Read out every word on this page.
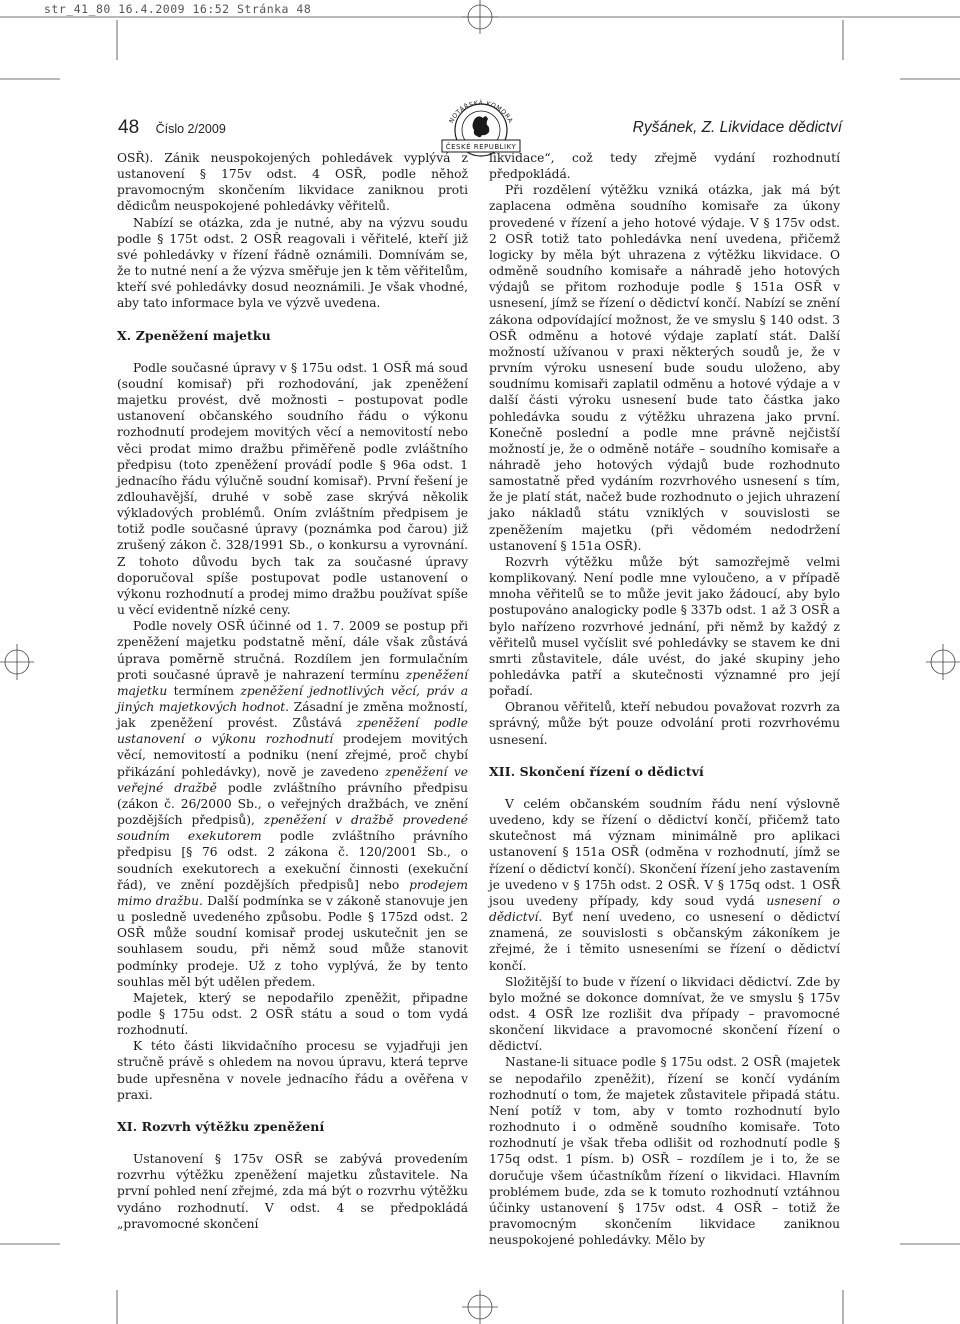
str_41_80 16.4.2009 16:52 Stránka 48
48 Číslo 2/2009
NOTÁŘSKÁ KOMORA
ČESKÉ REPUBLIKY
Ryšánek, Z. Likvidace dědictví

OSŘ). Zánik neuspokojených pohledávek vyplývá z ustanovení § 175v odst. 4 OSŘ, podle něhož pravomocným skončením likvidace zaniknou proti dědicům neuspokojené pohledávky věřitelů.

Nabízí se otázka, zda je nutné, aby na výzvu soudu podle § 175t odst. 2 OSŘ reagovali i věřitelé, kteří již své pohledávky v řízení řádně oznámili. Domnívám se, že to nutné není a že výzva směřuje jen k těm věřitelům, kteří své pohledávky dosud neoznámili. Je však vhodné, aby tato informace byla ve výzvě uvedena.

X. Zpeněžení majetku

Podle současné úpravy v § 175u odst. 1 OSŘ má soud (soudní komisař) při rozhodování, jak zpeněžení majetku provést, dvě možnosti – postupovat podle ustanovení občanského soudního řádu o výkonu rozhodnutí prodejem movitých věcí a nemovitostí nebo věci prodat mimo dražbu přiměřeně podle zvláštního předpisu (toto zpeněžení provádí podle § 96a odst. 1 jednacího řádu výlučně soudní komisař). První řešení je zdlouhavější, druhé v sobě zase skrývá několik výkladových problémů. Oním zvláštním předpisem je totiž podle současné úpravy (poznámka pod čarou) již zrušený zákon č. 328/1991 Sb., o konkursu a vyrovnání. Z tohoto důvodu bych tak za současné úpravy doporučoval spíše postupovat podle ustanovení o výkonu rozhodnutí a prodej mimo dražbu používat spíše u věcí evidentně nízké ceny.

Podle novely OSŘ účinné od 1. 7. 2009 se postup při zpeněžení majetku podstatně mění, dále však zůstává úprava poměrně stručná. Rozdílem jen formulačním proti současné úpravě je nahrazení termínu zpeněžení majetku termínem zpeněžení jednotlivých věcí, práv a jiných majetkových hodnot. Zásadní je změna možností, jak zpeněžení provést. Zůstává zpeněžení podle ustanovení o výkonu rozhodnutí prodejem movitých věcí, nemovitostí a podniku (není zřejmé, proč chybí přikázání pohledávky), nově je zavedeno zpeněžení ve veřejné dražbě podle zvláštního právního předpisu (zákon č. 26/2000 Sb., o veřejných dražbách, ve znění pozdějších předpisů), zpeněžení v dražbě provedené soudním exekutorem podle zvláštního právního předpisu [§ 76 odst. 2 zákona č. 120/2001 Sb., o soudních exekutorech a exekuční činnosti (exekuční řád), ve znění pozdějších předpisů] nebo prodejem mimo dražbu. Další podmínka se v zákoně stanovuje jen u posledně uvedeného způsobu. Podle § 175zd odst. 2 OSŘ může soudní komisař prodej uskutečnit jen se souhlasem soudu, při němž soud může stanovit podmínky prodeje. Už z toho vyplývá, že by tento souhlas měl být udělen předem.

Majetek, který se nepodařilo zpeněžit, připadne podle § 175u odst. 2 OSŘ státu a soud o tom vydá rozhodnutí.

K této části likvidačního procesu se vyjadřuji jen stručně právě s ohledem na novou úpravu, která teprve bude upřesněna v novele jednacího řádu a ověřena v praxi.

XI. Rozvrh výtěžku zpeněžení

Ustanovení § 175v OSŘ se zabývá provedením rozvrhu výtěžku zpeněžení majetku zůstavitele. Na první pohled není zřejmé, zda má být o rozvrhu výtěžku vydáno rozhodnutí. V odst. 4 se předpokládá „pravomocné skončení

likvidace“, což tedy zřejmě vydání rozhodnutí předpokládá.

Při rozdělení výtěžku vzniká otázka, jak má být zaplacena odměna soudního komisaře za úkony provedené v řízení a jeho hotové výdaje. V § 175v odst. 2 OSŘ totiž tato pohledávka není uvedena, přičemž logicky by měla být uhrazena z výtěžku likvidace. O odměně soudního komisaře a náhradě jeho hotových výdajů se přitom rozhoduje podle § 151a OSŘ v usnesení, jímž se řízení o dědictví končí. Nabízí se znění zákona odpovídající možnost, že ve smyslu § 140 odst. 3 OSŘ odměnu a hotové výdaje zaplatí stát. Další možností užívanou v praxi některých soudů je, že v prvním výroku usnesení bude soudu uloženo, aby soudnímu komisaři zaplatil odměnu a hotové výdaje a v další části výroku usnesení bude tato částka jako pohledávka soudu z výtěžku uhrazena jako první. Konečně poslední a podle mne právně nejčistší možností je, že o odměně notáře – soudního komisaře a náhradě jeho hotových výdajů bude rozhodnuto samostatně před vydáním rozvrhového usnesení s tím, že je platí stát, načež bude rozhodnuto o jejich uhrazení jako nákladů státu vzniklých v souvislosti se zpeněžením majetku (při vědomém nedodržení ustanovení § 151a OSŘ).

Rozvrh výtěžku může být samozřejmě velmi komplikovaný. Není podle mne vyloučeno, a v případě mnoha věřitelů se to může jevit jako žádoucí, aby bylo postupováno analogicky podle § 337b odst. 1 až 3 OSŘ a bylo nařízeno rozvrhové jednání, při němž by každý z věřitelů musel vyčíslit své pohledávky se stavem ke dni smrti zůstavitele, dále uvést, do jaké skupiny jeho pohledávka patří a skutečnosti významné pro její pořadí.

Obranou věřitelů, kteří nebudou považovat rozvrh za správný, může být pouze odvolání proti rozvrhovému usnesení.

XII. Skončení řízení o dědictví

V celém občanském soudním řádu není výslovně uvedeno, kdy se řízení o dědictví končí, přičemž tato skutečnost má význam minimálně pro aplikaci ustanovení § 151a OSŘ (odměna v rozhodnutí, jímž se řízení o dědictví končí). Skončení řízení jeho zastavením je uvedeno v § 175h odst. 2 OSŘ. V § 175q odst. 1 OSŘ jsou uvedeny případy, kdy soud vydá usnesení o dědictví. Byť není uvedeno, co usnesení o dědictví znamená, ze souvislosti s občanským zákoníkem je zřejmé, že i těmito usneseními se řízení o dědictví končí.

Složitější to bude v řízení o likvidaci dědictví. Zde by bylo možné se dokonce domnívat, že ve smyslu § 175v odst. 4 OSŘ lze rozlišit dva případy – pravomocné skončení likvidace a pravomocné skončení řízení o dědictví.

Nastane-li situace podle § 175u odst. 2 OSŘ (majetek se nepodařilo zpeněžit), řízení se končí vydáním rozhodnutí o tom, že majetek zůstavitele připadá státu. Není potíž v tom, aby v tomto rozhodnutí bylo rozhodnuto i o odměně soudního komisaře. Toto rozhodnutí je však třeba odlišit od rozhodnutí podle § 175q odst. 1 písm. b) OSŘ – rozdílem je i to, že se doručuje všem účastníkům řízení o likvidaci. Hlavním problémem bude, zda se k tomuto rozhodnutí vztáhnou účinky ustanovení § 175v odst. 4 OSŘ – totiž že pravomocným skončením likvidace zaniknou neuspokojené pohledávky. Mělo by
